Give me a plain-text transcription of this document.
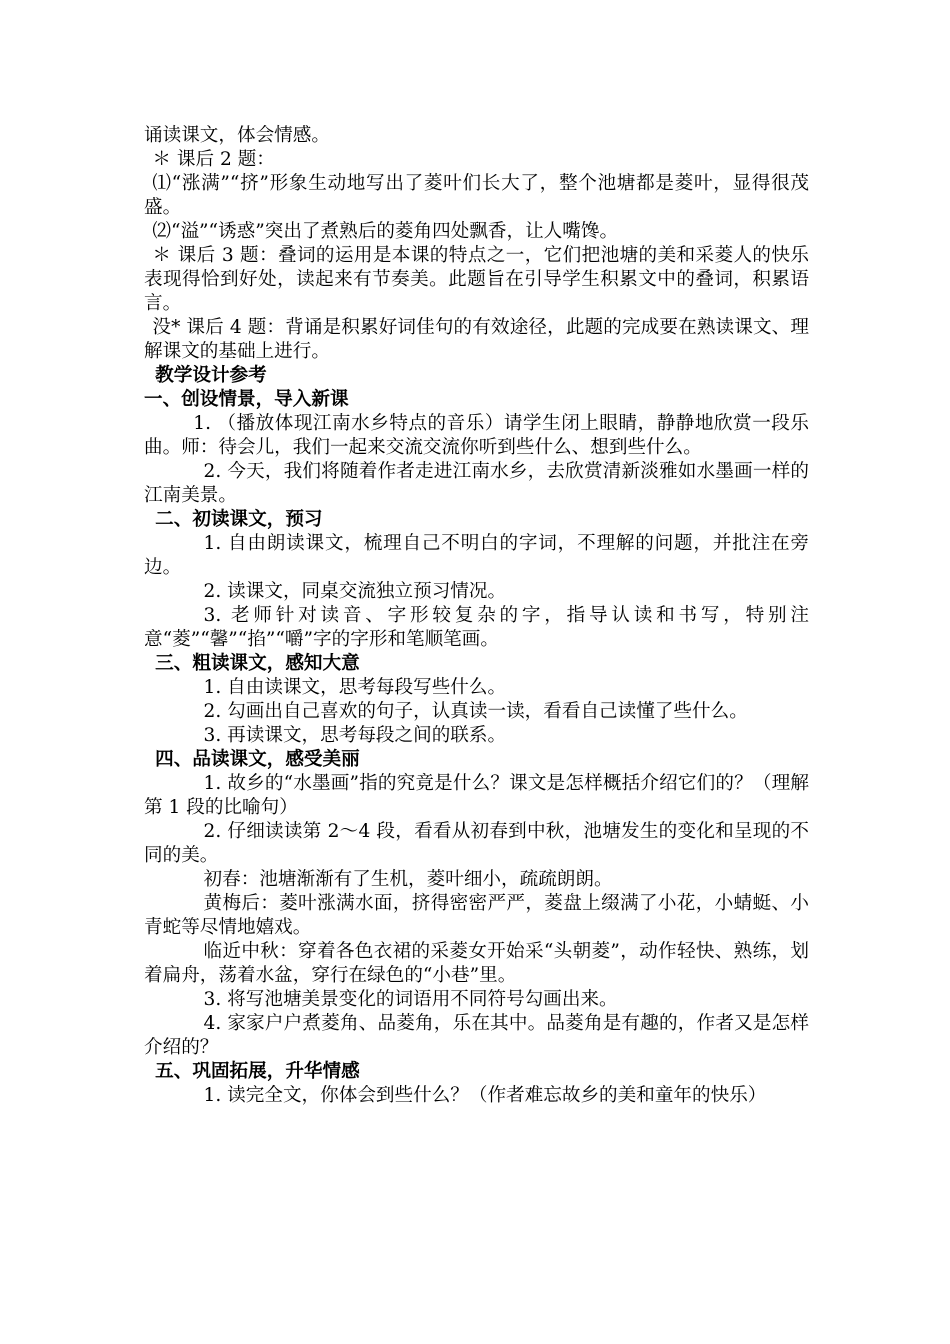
诵读课文，体会情感。

＊ 课后 2 题：

⑴“涨满”“挤”形象生动地写出了菱叶们长大了，整个池塘都是菱叶，显得很茂盛。

⑵“溢”“诱惑”突出了煮熟后的菱角四处飘香，让人嘴馋。

＊ 课后 3 题：叠词的运用是本课的特点之一，它们把池塘的美和采菱人的快乐表现得恰到好处，读起来有节奏美。此题旨在引导学生积累文中的叠词，积累语言。

没* 课后 4 题：背诵是积累好词佳句的有效途径，此题的完成要在熟读课文、理解课文的基础上进行。

教学设计参考
一、创设情景，导入新课

1. （播放体现江南水乡特点的音乐）请学生闭上眼睛，静静地欣赏一段乐曲。师：待会儿，我们一起来交流交流你听到些什么、想到些什么。

2. 今天，我们将随着作者走进江南水乡，去欣赏清新淡雅如水墨画一样的江南美景。

二、初读课文，预习

1. 自由朗读课文，梳理自己不明白的字词，不理解的问题，并批注在旁边。

2. 读课文，同桌交流独立预习情况。

3. 老师针对读音、字形较复杂的字，指导认读和书写，特别注意“菱”“馨”“掐”“嚼”字的字形和笔顺笔画。

三、粗读课文，感知大意

1. 自由读课文，思考每段写些什么。

2. 勾画出自己喜欢的句子，认真读一读，看看自己读懂了些什么。

3. 再读课文，思考每段之间的联系。

四、品读课文，感受美丽

1. 故乡的“水墨画”指的究竟是什么？课文是怎样概括介绍它们的？（理解第 1 段的比喻句）

2. 仔细读读第 2～4 段，看看从初春到中秋，池塘发生的变化和呈现的不同的美。

初春：池塘渐渐有了生机，菱叶细小，疏疏朗朗。

黄梅后：菱叶涨满水面，挤得密密严严，菱盘上缀满了小花，小蜻蜓、小青蛇等尽情地嬉戏。

临近中秋：穿着各色衣裙的采菱女开始采“头朝菱”，动作轻快、熟练，划着扁舟，荡着水盆，穿行在绿色的“小巷”里。

3. 将写池塘美景变化的词语用不同符号勾画出来。

4. 家家户户煮菱角、品菱角，乐在其中。品菱角是有趣的，作者又是怎样介绍的？

五、巩固拓展，升华情感

1. 读完全文，你体会到些什么？（作者难忘故乡的美和童年的快乐）
